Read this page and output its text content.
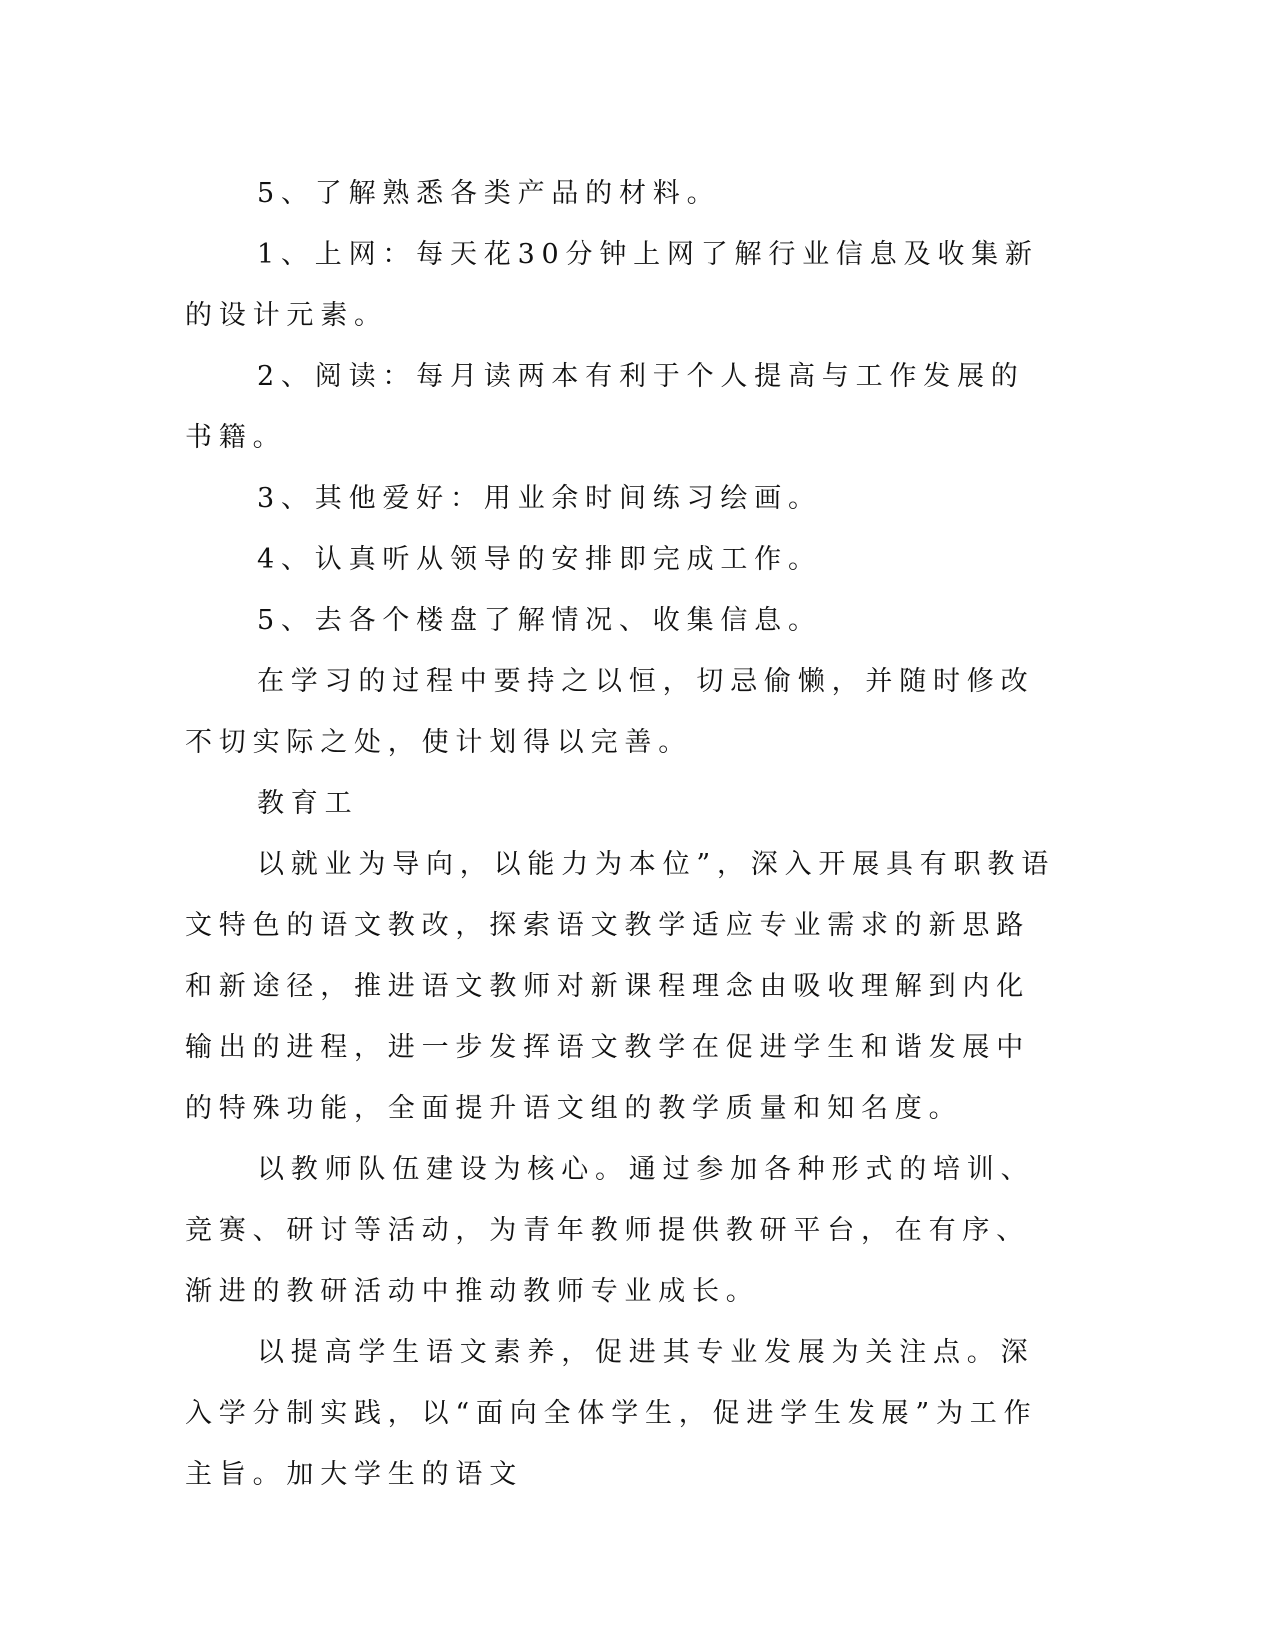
5、了解熟悉各类产品的材料。

1、上网：每天花30分钟上网了解行业信息及收集新的设计元素。

2、阅读：每月读两本有利于个人提高与工作发展的书籍。

3、其他爱好：用业余时间练习绘画。

4、认真听从领导的安排即完成工作。

5、去各个楼盘了解情况、收集信息。

在学习的过程中要持之以恒，切忌偷懒，并随时修改不切实际之处，使计划得以完善。

教育工

以就业为导向，以能力为本位”，深入开展具有职教语文特色的语文教改，探索语文教学适应专业需求的新思路和新途径，推进语文教师对新课程理念由吸收理解到内化输出的进程，进一步发挥语文教学在促进学生和谐发展中的特殊功能，全面提升语文组的教学质量和知名度。

以教师队伍建设为核心。通过参加各种形式的培训、竞赛、研讨等活动，为青年教师提供教研平台，在有序、渐进的教研活动中推动教师专业成长。

以提高学生语文素养，促进其专业发展为关注点。深入学分制实践，以“面向全体学生，促进学生发展”为工作主旨。加大学生的语文
